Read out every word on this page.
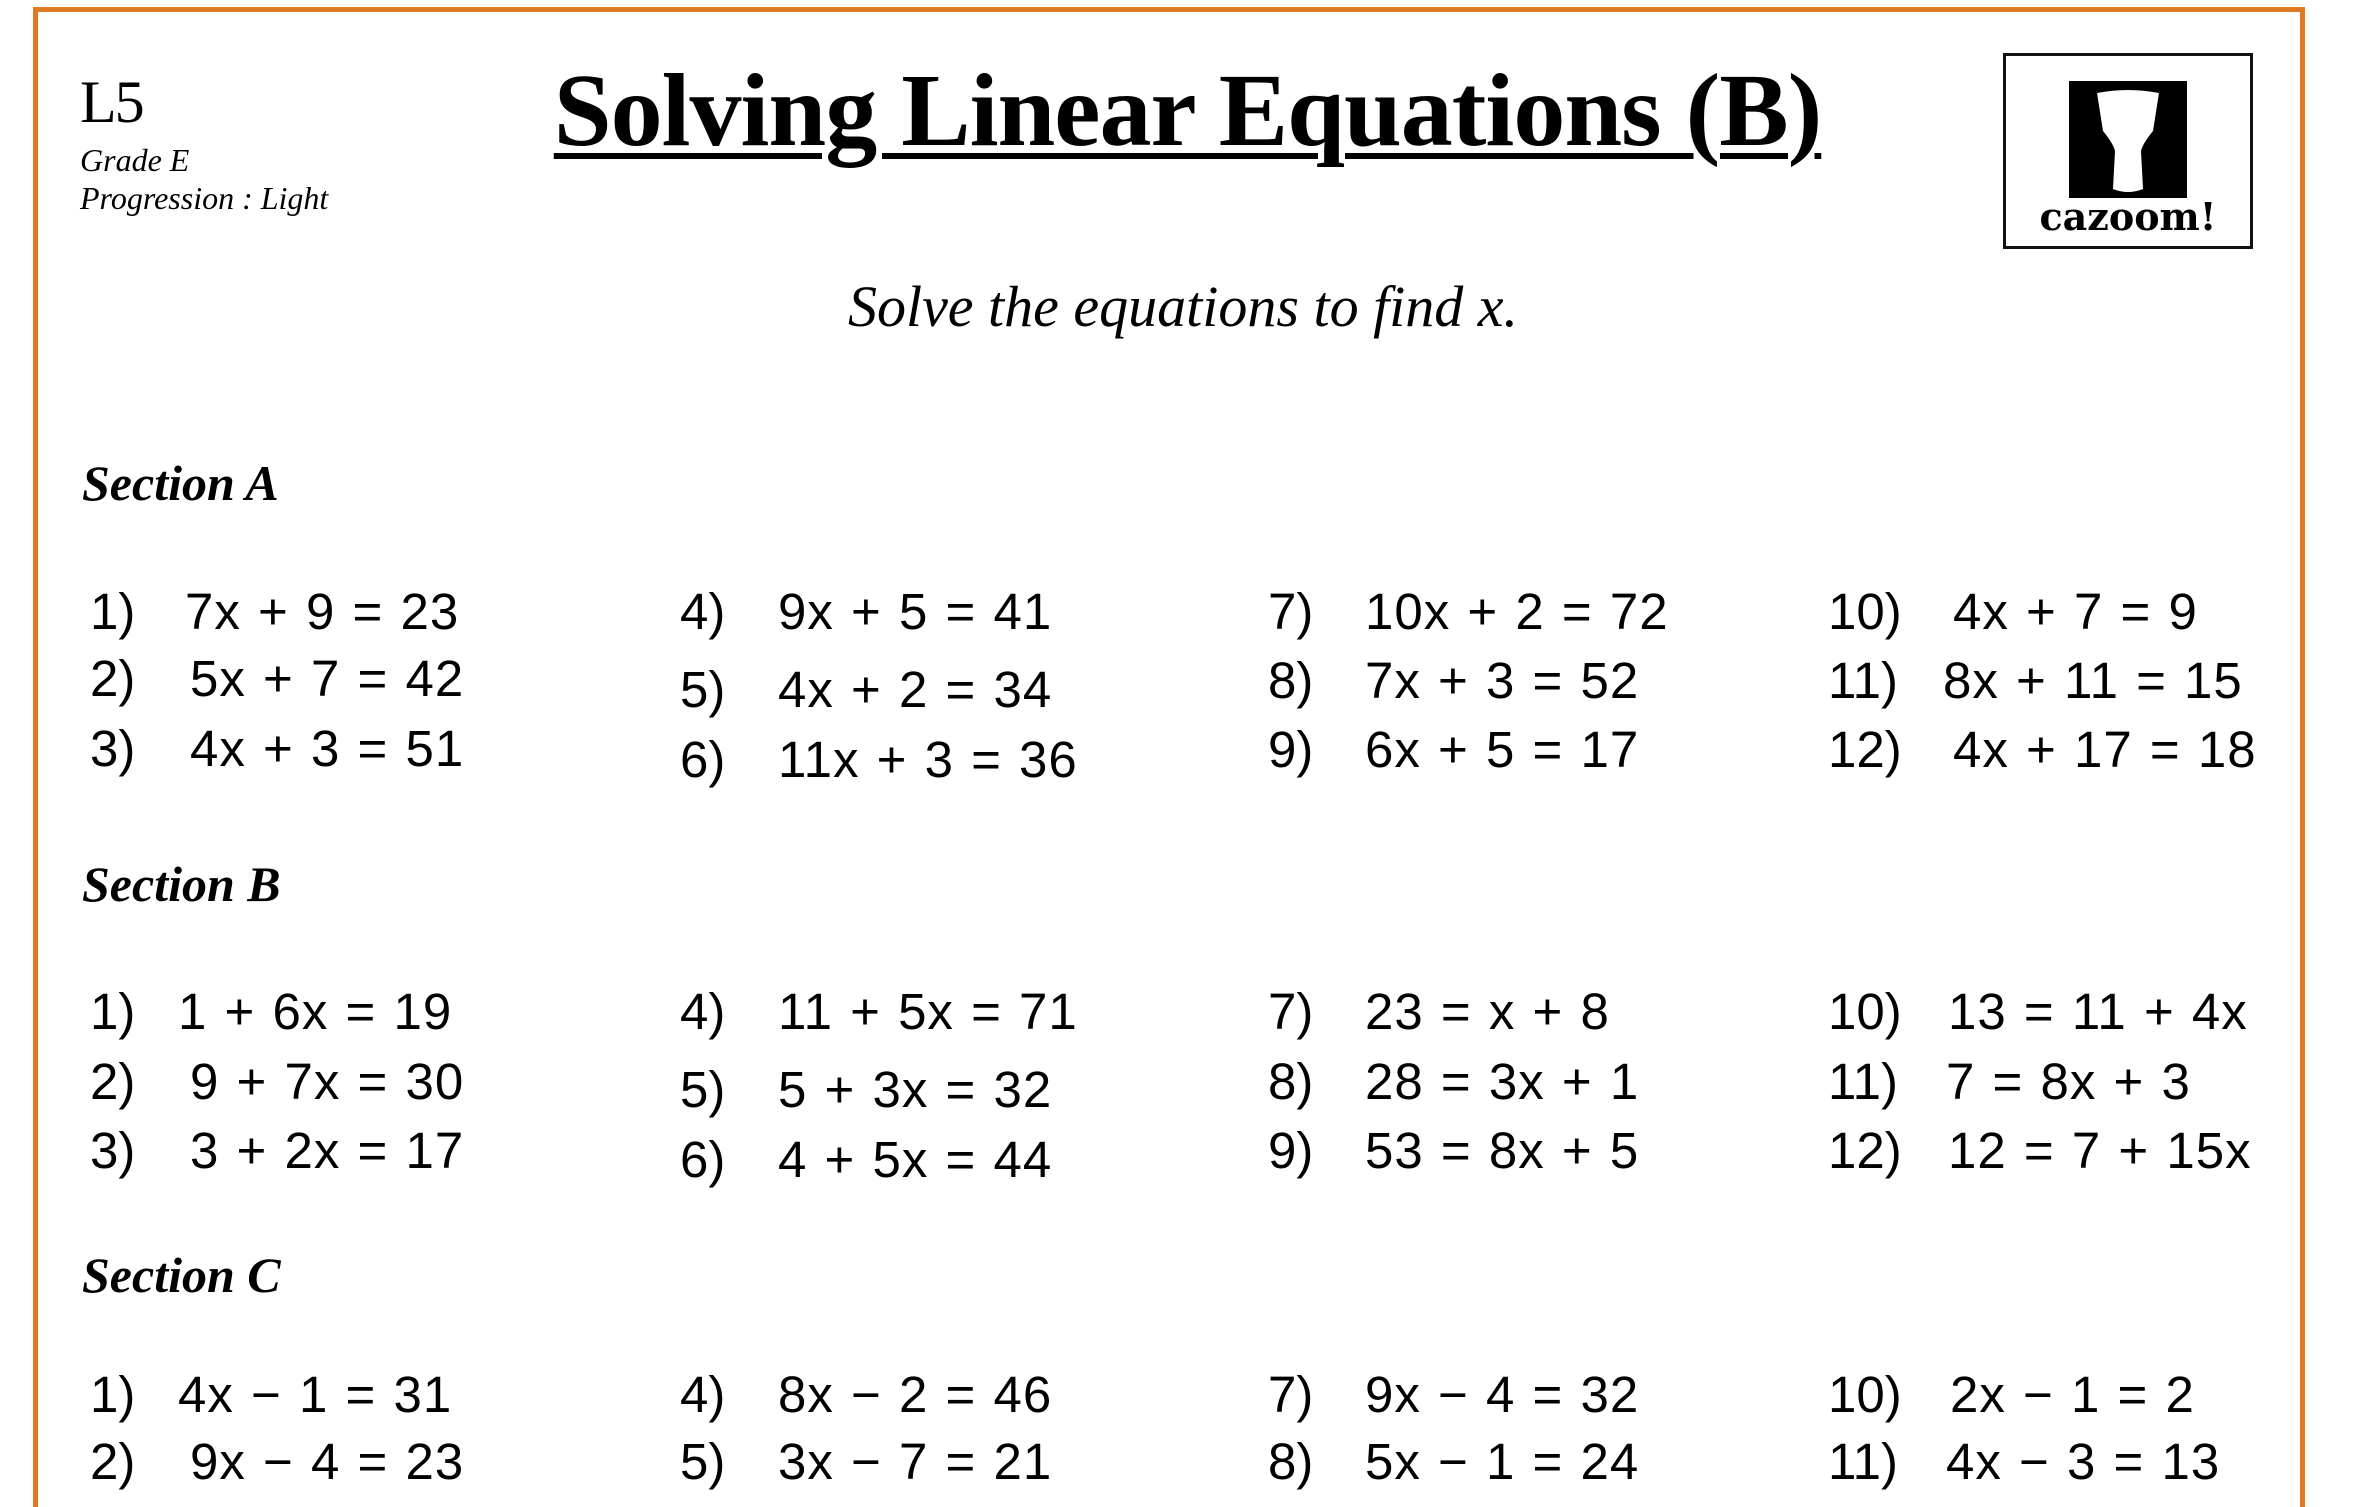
L5
Grade E
Progression : Light
Solving Linear Equations (B)
cazoom!
Solve the equations to find x.
Section A
1) 7x + 9 = 23
2) 5x + 7 = 42
3) 4x + 3 = 51
4) 9x + 5 = 41
5) 4x + 2 = 34
6) 11x + 3 = 36
7) 10x + 2 = 72
8) 7x + 3 = 52
9) 6x + 5 = 17
10) 4x + 7 = 9
11) 8x + 11 = 15
12) 4x + 17 = 18
Section B
1) 1 + 6x = 19
2) 9 + 7x = 30
3) 3 + 2x = 17
4) 11 + 5x = 71
5) 5 + 3x = 32
6) 4 + 5x = 44
7) 23 = x + 8
8) 28 = 3x + 1
9) 53 = 8x + 5
10) 13 = 11 + 4x
11) 7 = 8x + 3
12) 12 = 7 + 15x
Section C
1) 4x − 1 = 31
2) 9x − 4 = 23
4) 8x − 2 = 46
5) 3x − 7 = 21
7) 9x − 4 = 32
8) 5x − 1 = 24
10) 2x − 1 = 2
11) 4x − 3 = 13
